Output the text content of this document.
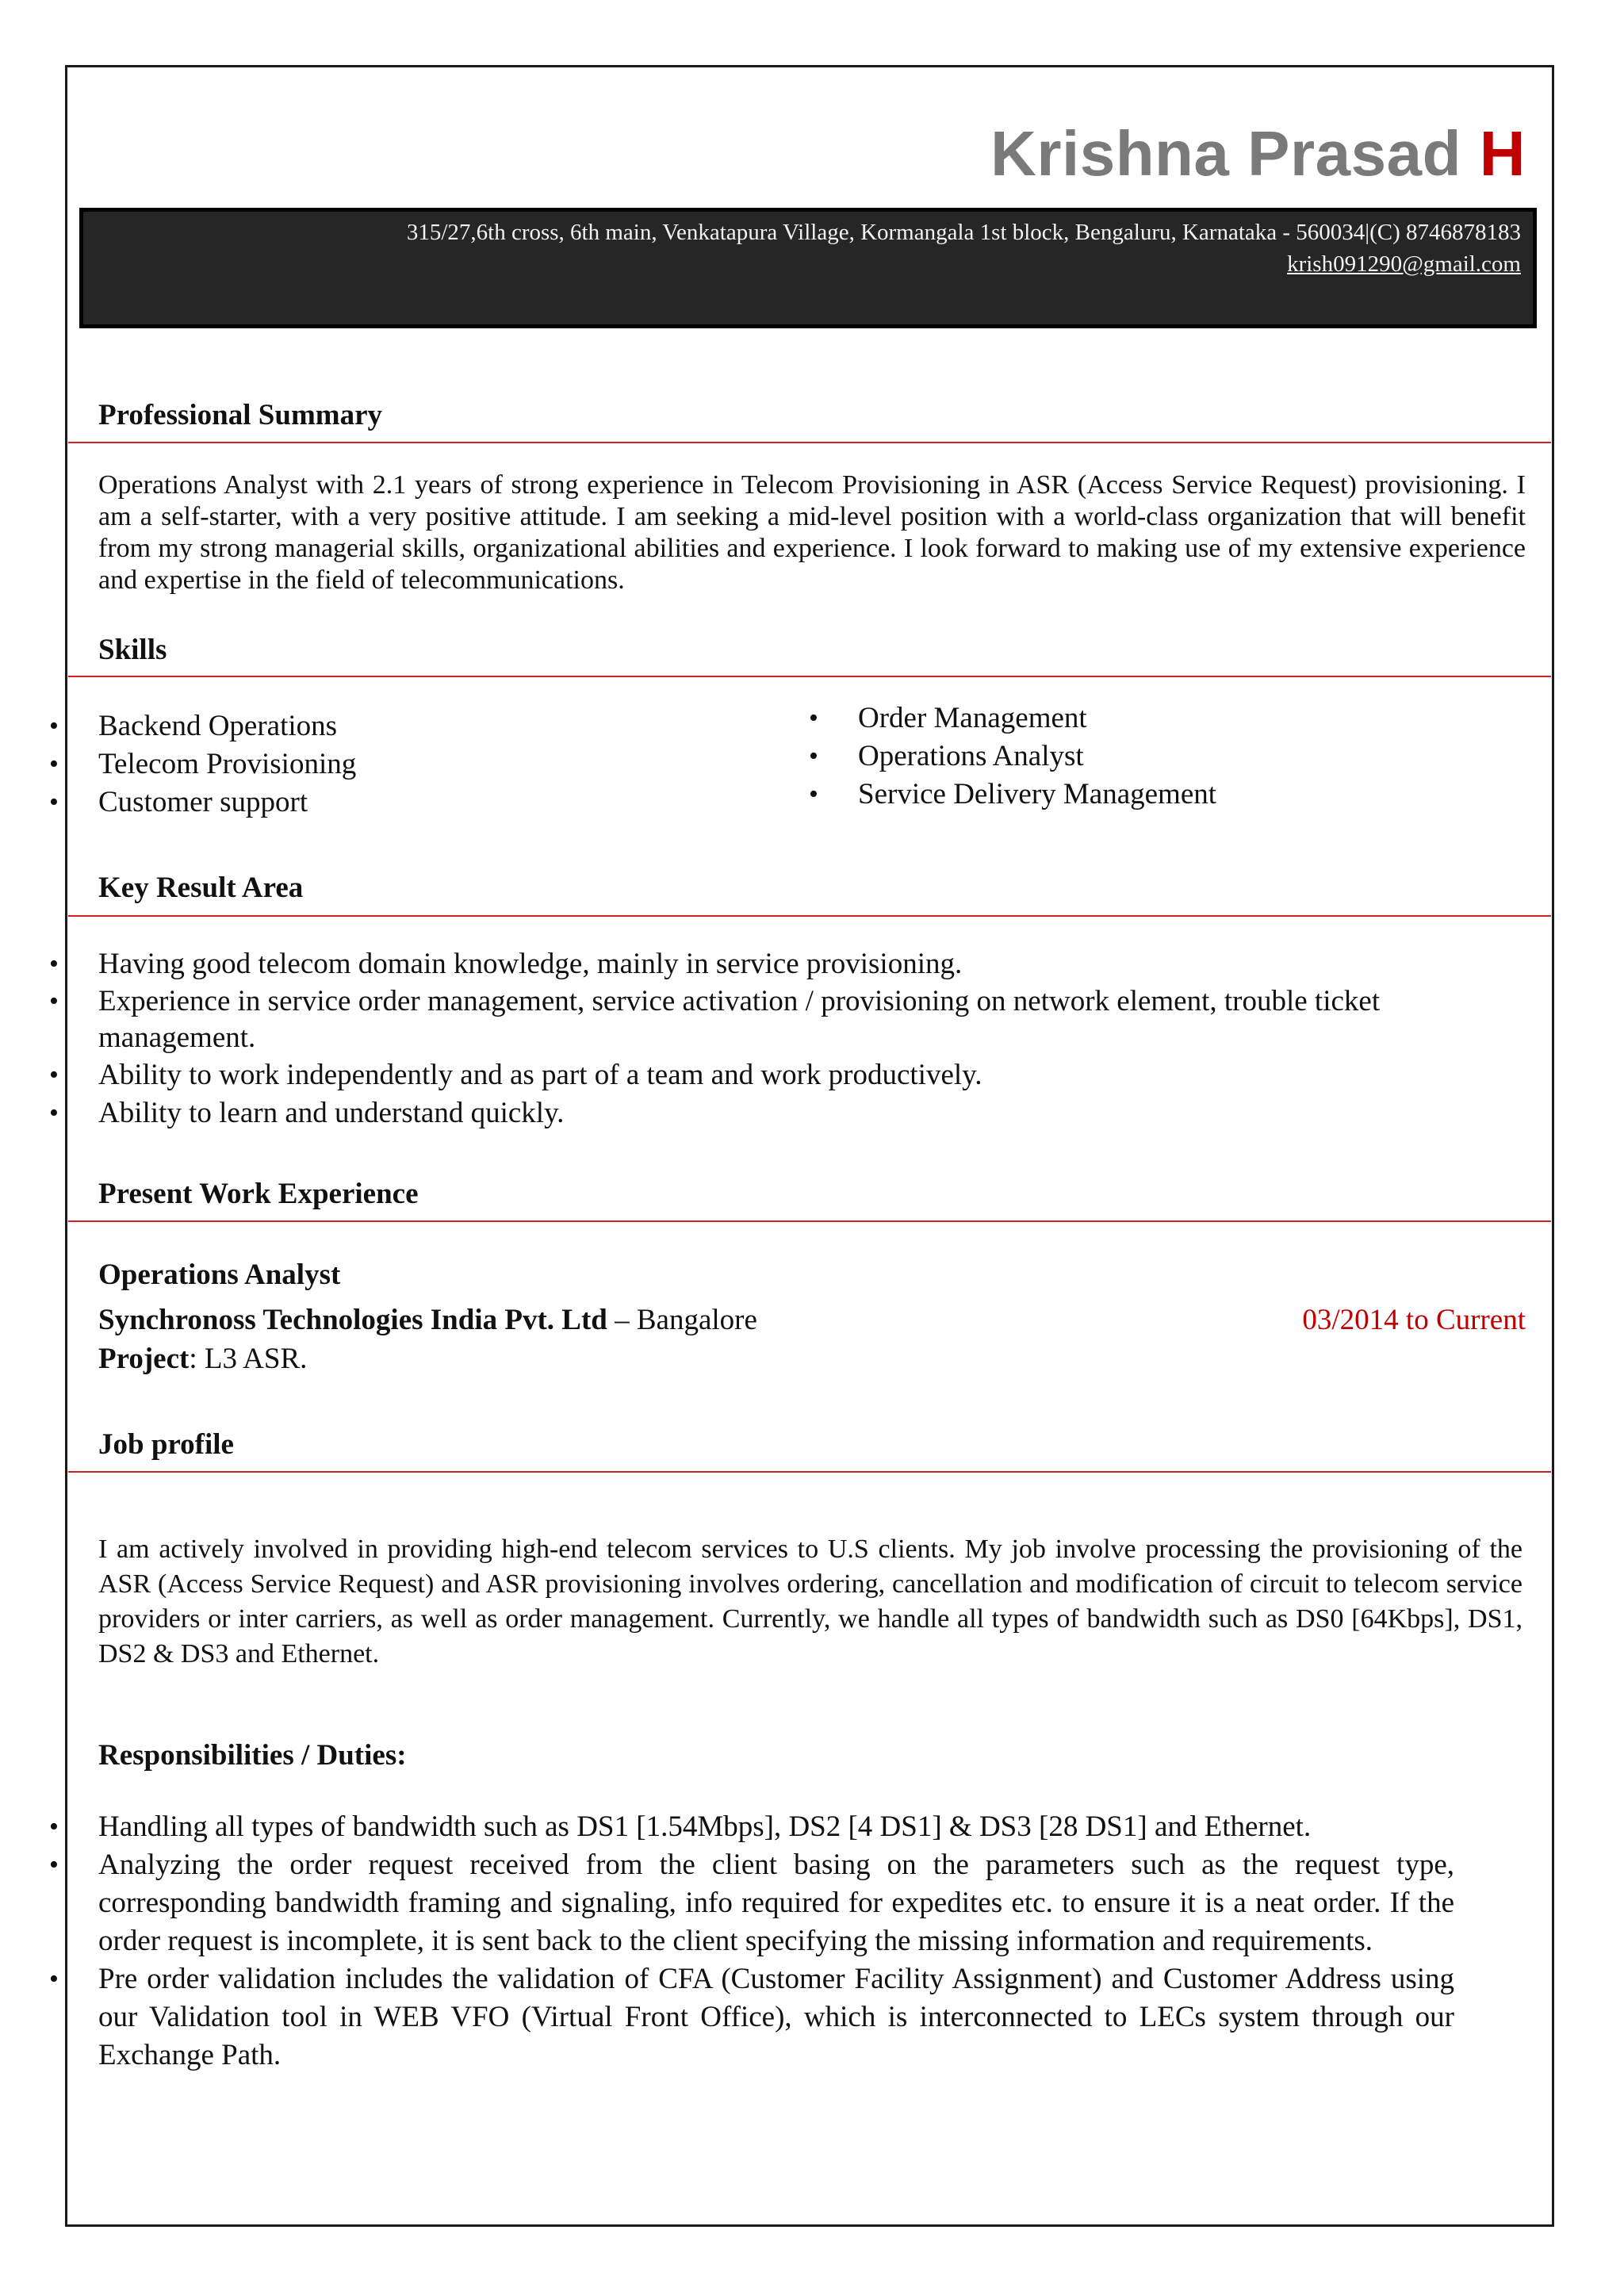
Krishna Prasad H
315/27,6th cross, 6th main, Venkatapura Village, Kormangala 1st block, Bengaluru, Karnataka - 560034|(C) 8746878183
krish091290@gmail.com
Professional Summary
Operations Analyst with 2.1 years of strong experience in Telecom Provisioning in ASR (Access Service Request) provisioning. I am a self-starter, with a very positive attitude. I am seeking a mid-level position with a world-class organization that will benefit from my strong managerial skills, organizational abilities and experience. I look forward to making use of my extensive experience and expertise in the field of telecommunications.
Skills
• Backend Operations
• Telecom Provisioning
• Customer support
• Order Management
• Operations Analyst
• Service Delivery Management
Key Result Area
• Having good telecom domain knowledge, mainly in service provisioning.
• Experience in service order management, service activation / provisioning on network element, trouble ticket management.
• Ability to work independently and as part of a team and work productively.
• Ability to learn and understand quickly.
Present Work Experience
Operations Analyst
Synchronoss Technologies India Pvt. Ltd – Bangalore	03/2014 to Current
Project: L3 ASR.
Job profile
I am actively involved in providing high-end telecom services to U.S clients. My job involve processing the provisioning of the ASR (Access Service Request) and ASR provisioning involves ordering, cancellation and modification of circuit to telecom service providers or inter carriers, as well as order management. Currently, we handle all types of bandwidth such as DS0 [64Kbps], DS1, DS2 & DS3 and Ethernet.
Responsibilities / Duties:
• Handling all types of bandwidth such as DS1 [1.54Mbps], DS2 [4 DS1] & DS3 [28 DS1] and Ethernet.
• Analyzing the order request received from the client basing on the parameters such as the request type, corresponding bandwidth framing and signaling, info required for expedites etc. to ensure it is a neat order. If the order request is incomplete, it is sent back to the client specifying the missing information and requirements.
• Pre order validation includes the validation of CFA (Customer Facility Assignment) and Customer Address using our Validation tool in WEB VFO (Virtual Front Office), which is interconnected to LECs system through our Exchange Path.
